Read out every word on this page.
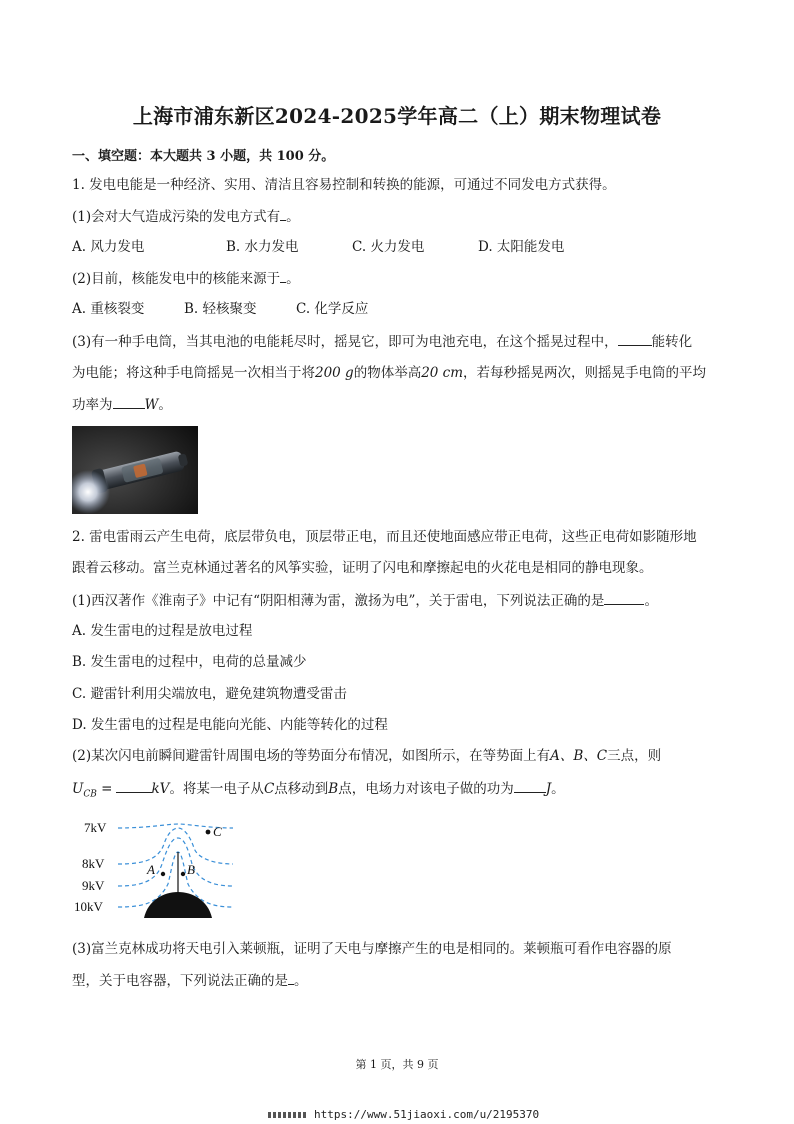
上海市浦东新区2024-2025学年高二（上）期末物理试卷
一、填空题：本大题共 3 小题，共 100 分。
1. 发电电能是一种经济、实用、清洁且容易控制和转换的能源，可通过不同发电方式获得。
(1)会对大气造成污染的发电方式有 。
A. 风力发电	B. 水力发电	C. 火力发电	D. 太阳能发电
(2)目前，核能发电中的核能来源于 。
A. 重核裂变	B. 轻核聚变	C. 化学反应
(3)有一种手电筒，当其电池的电能耗尽时，摇晃它，即可为电池充电，在这个摇晃过程中，	能转化
为电能；将这种手电筒摇晃一次相当于将200 g的物体举高20 cm，若每秒摇晃两次，则摇晃手电筒的平均
功率为 W。
2. 雷电雷雨云产生电荷，底层带负电，顶层带正电，而且还使地面感应带正电荷，这些正电荷如影随形地
跟着云移动。富兰克林通过著名的风筝实验，证明了闪电和摩擦起电的火花电是相同的静电现象。
(1)西汉著作《淮南子》中记有“阴阳相薄为雷，激扬为电”，关于雷电，下列说法正确的是	。
A. 发生雷电的过程是放电过程
B. 发生雷电的过程中，电荷的总量减少
C. 避雷针利用尖端放电，避免建筑物遭受雷击
D. 发生雷电的过程是电能向光能、内能等转化的过程
(2)某次闪电前瞬间避雷针周围电场的等势面分布情况，如图所示，在等势面上有A、B、C三点，则
$U_{CB}$ =	kV。将某一电子从C点移动到B点，电场力对该电子做的功为 J。
7kV
8kV
9kV
10kV
C
A B
(3)富兰克林成功将天电引入莱顿瓶，证明了天电与摩擦产生的电是相同的。莱顿瓶可看作电容器的原
型，关于电容器，下列说法正确的是 。
第 1 页，共 9 页
https://www.51jiaoxi.com/u/2195370
